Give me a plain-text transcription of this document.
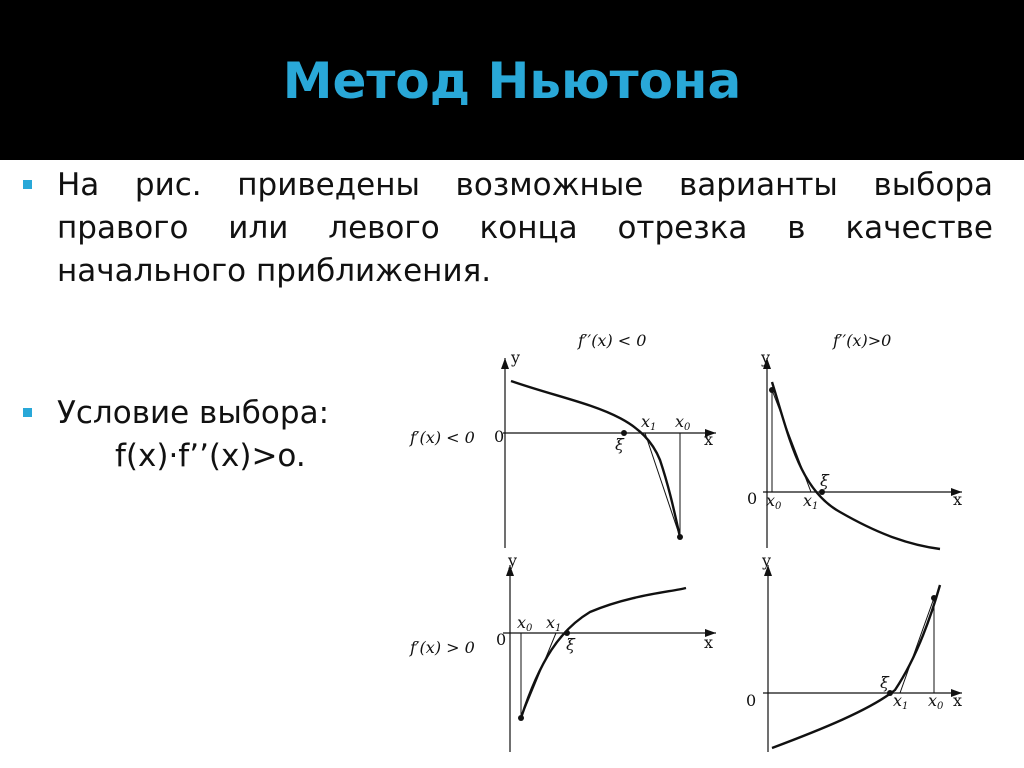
Метод Ньютона
На рис. приведены возможные варианты выбора
правого или левого конца отрезка в качестве
начального приближения.
Условие выбора:
f(x)·f’’(x)>o.
f′′(x) < 0	f′′(x)>0
f′(x) < 0
f′(x) > 0
y
x
0	ξ
x1 x0
y
x
0
ξ
x0 x1
y
x
0	ξ
x0 x1
y
x
0
ξ
x1 x0
